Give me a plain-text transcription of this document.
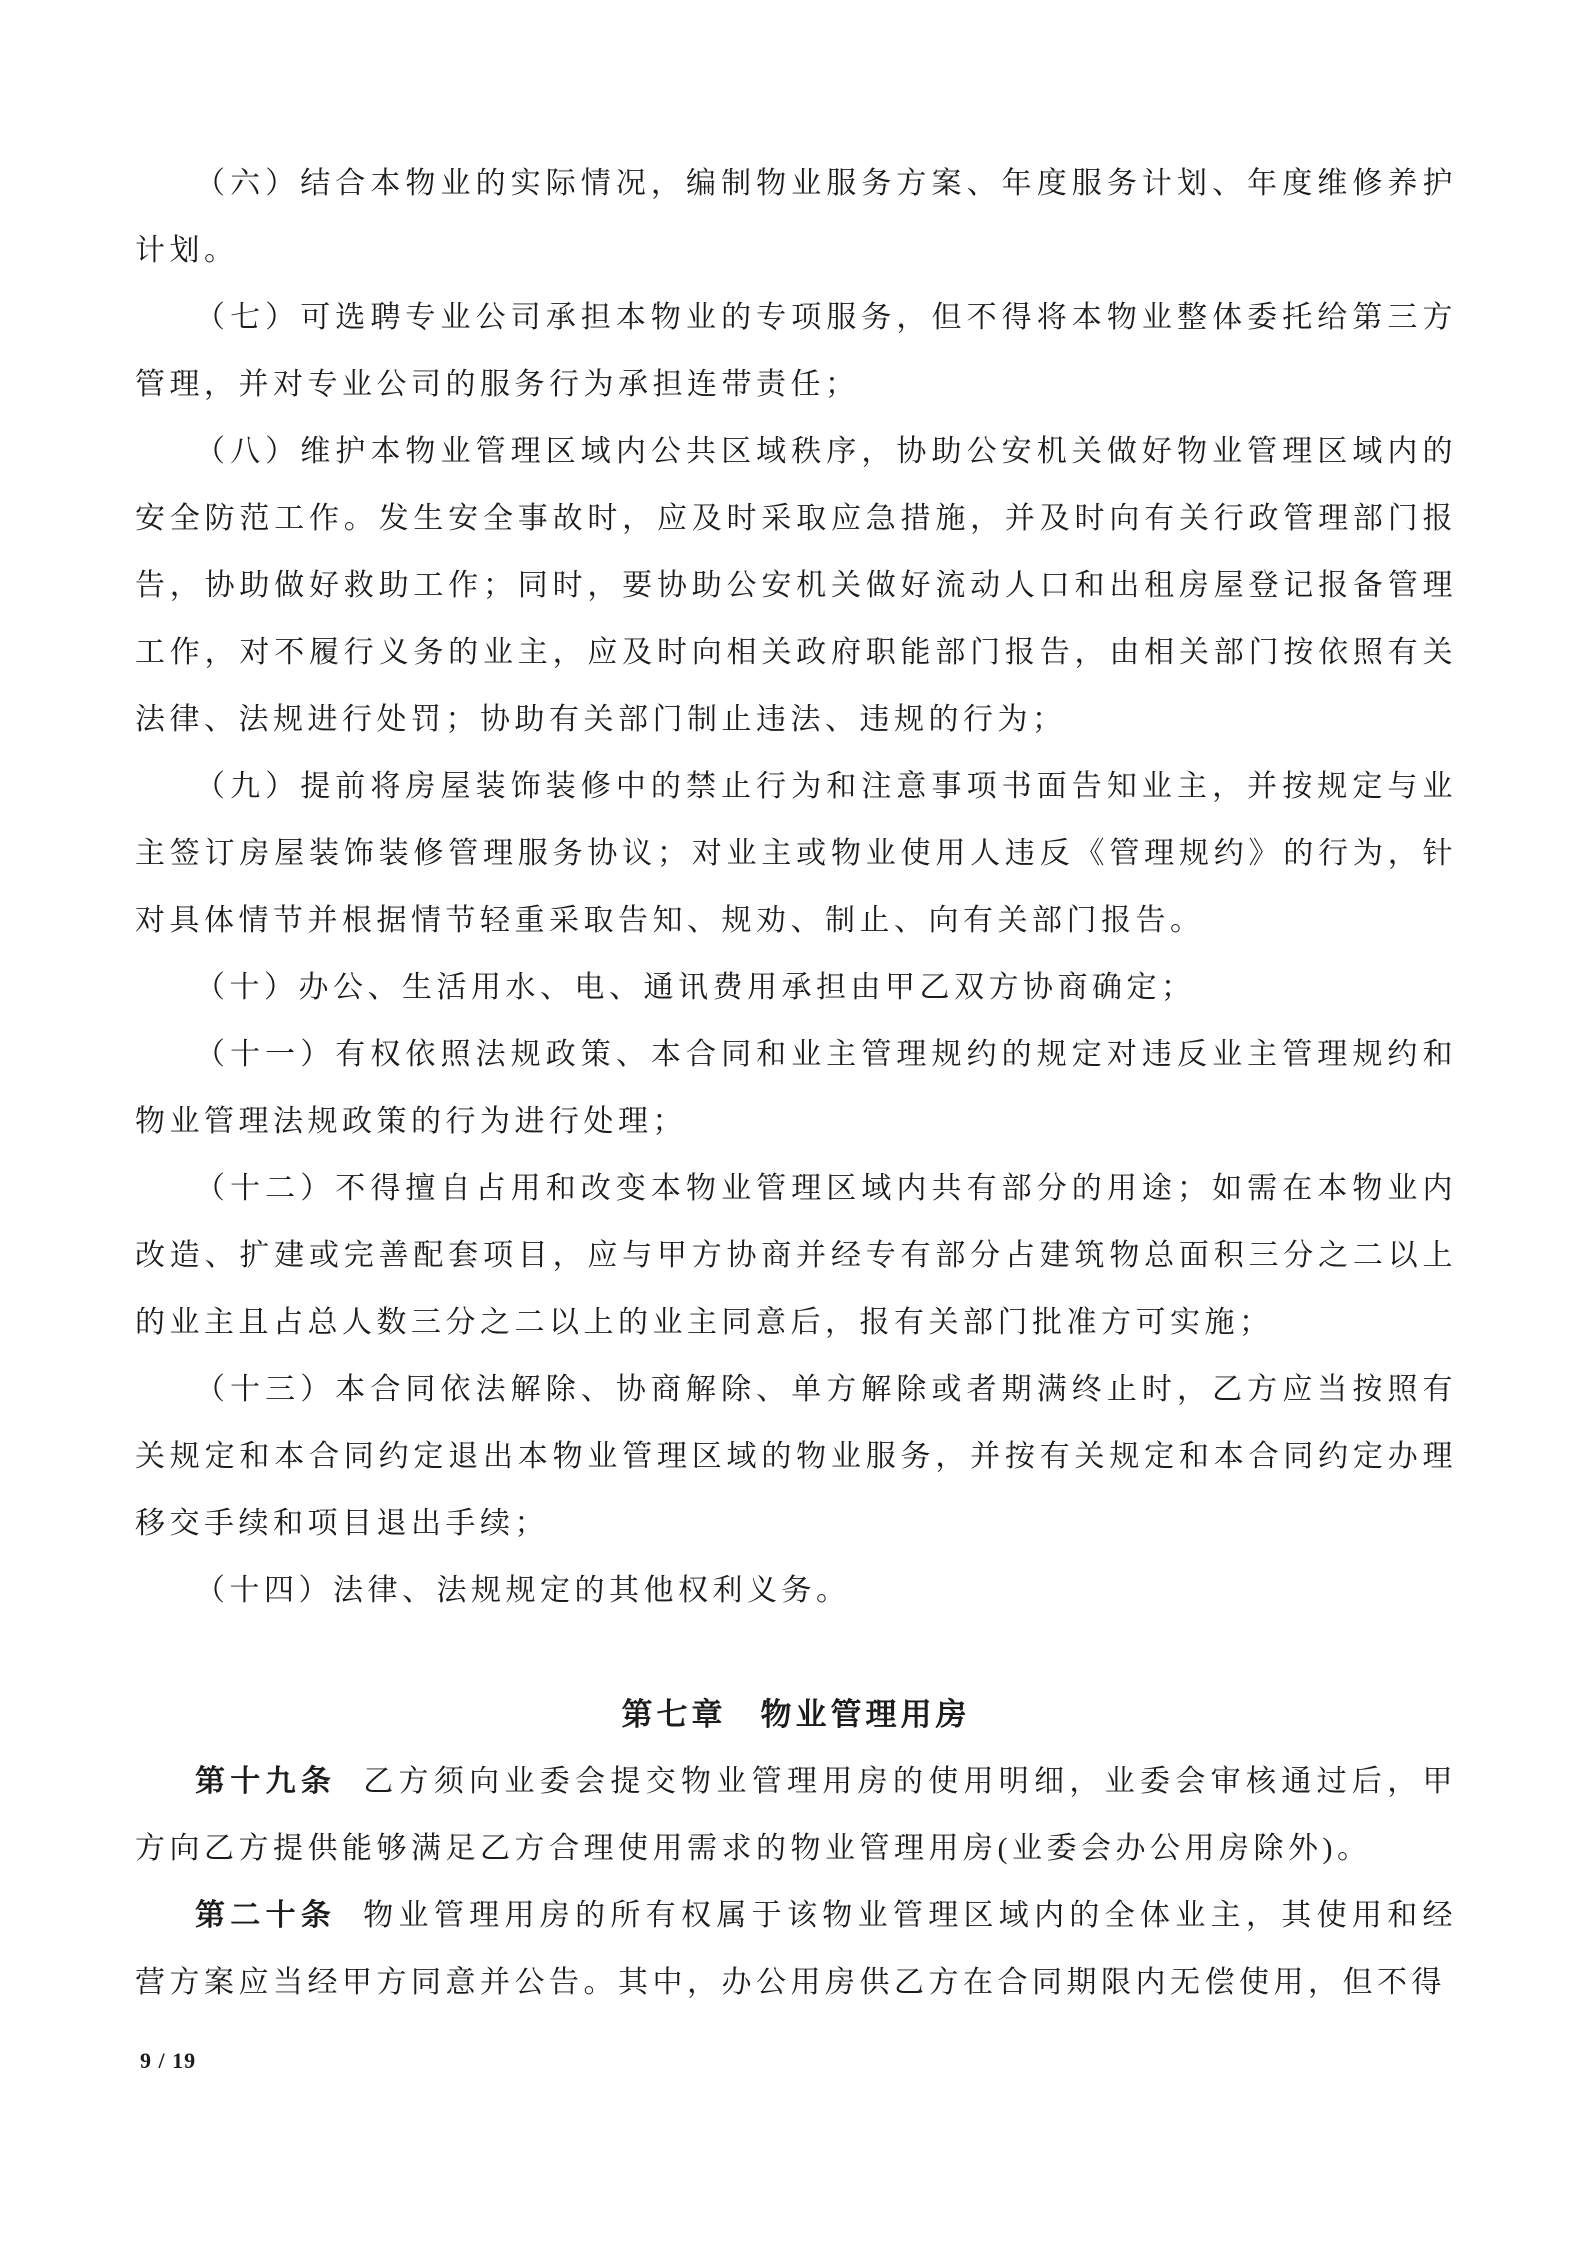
（六）结合本物业的实际情况，编制物业服务方案、年度服务计划、年度维修养护计划。

（七）可选聘专业公司承担本物业的专项服务，但不得将本物业整体委托给第三方管理，并对专业公司的服务行为承担连带责任；

（八）维护本物业管理区域内公共区域秩序，协助公安机关做好物业管理区域内的安全防范工作。发生安全事故时，应及时采取应急措施，并及时向有关行政管理部门报告，协助做好救助工作；同时，要协助公安机关做好流动人口和出租房屋登记报备管理工作，对不履行义务的业主，应及时向相关政府职能部门报告，由相关部门按依照有关法律、法规进行处罚；协助有关部门制止违法、违规的行为；

（九）提前将房屋装饰装修中的禁止行为和注意事项书面告知业主，并按规定与业主签订房屋装饰装修管理服务协议；对业主或物业使用人违反《管理规约》的行为，针对具体情节并根据情节轻重采取告知、规劝、制止、向有关部门报告。

（十）办公、生活用水、电、通讯费用承担由甲乙双方协商确定；

（十一）有权依照法规政策、本合同和业主管理规约的规定对违反业主管理规约和物业管理法规政策的行为进行处理；

（十二）不得擅自占用和改变本物业管理区域内共有部分的用途；如需在本物业内改造、扩建或完善配套项目，应与甲方协商并经专有部分占建筑物总面积三分之二以上的业主且占总人数三分之二以上的业主同意后，报有关部门批准方可实施；

（十三）本合同依法解除、协商解除、单方解除或者期满终止时，乙方应当按照有关规定和本合同约定退出本物业管理区域的物业服务，并按有关规定和本合同约定办理移交手续和项目退出手续；

（十四）法律、法规规定的其他权利义务。

第七章 物业管理用房

第十九条 乙方须向业委会提交物业管理用房的使用明细，业委会审核通过后，甲方向乙方提供能够满足乙方合理使用需求的物业管理用房(业委会办公用房除外)。

第二十条 物业管理用房的所有权属于该物业管理区域内的全体业主，其使用和经营方案应当经甲方同意并公告。其中，办公用房供乙方在合同期限内无偿使用，但不得

9 / 19
